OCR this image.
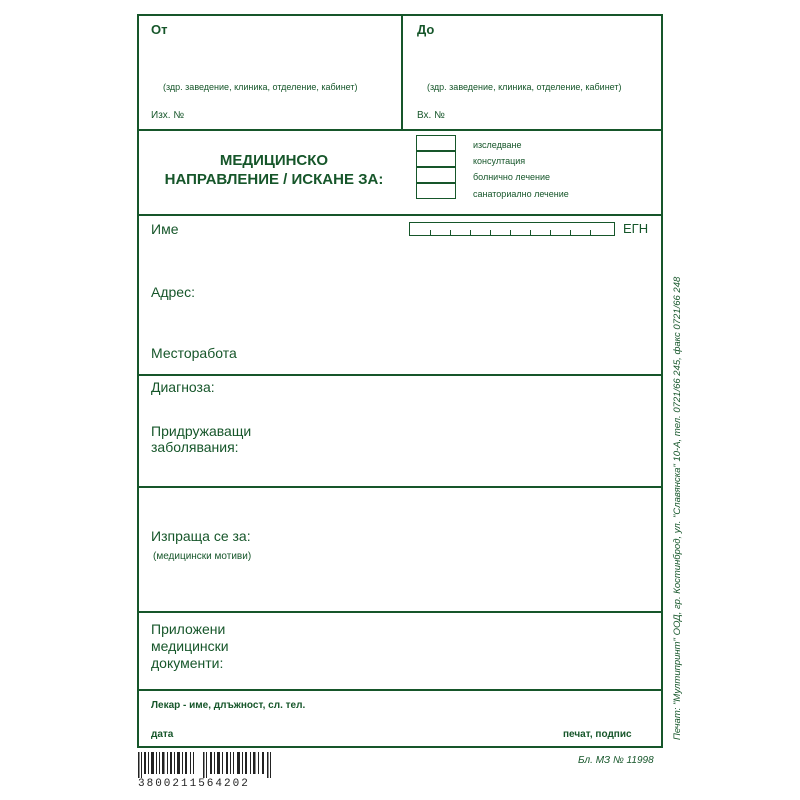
От
(здр. заведение, клиника, отделение, кабинет)
Изх. №
До
(здр. заведение, клиника, отделение, кабинет)
Вх. №
МЕДИЦИНСКО
НАПРАВЛЕНИЕ / ИСКАНЕ ЗА:
изследване
консултация
болнично лечение
санаториално лечение
Име	ЕГН
Адрес:
Месторабота
Диагноза:
Придружаващи
заболявания:
Изпраща се за:
(медицински мотиви)
Приложени
медицински
документи:
Лекар - име, длъжност, сл. тел.
дата	печат, подпис	Печат: "Мултипринт" ООД, гр. Костинброд, ул. "Славянска" 10-А, тел. 0721/66 245, факс 0721/66 248
3800211564202
Бл. МЗ № 11998
